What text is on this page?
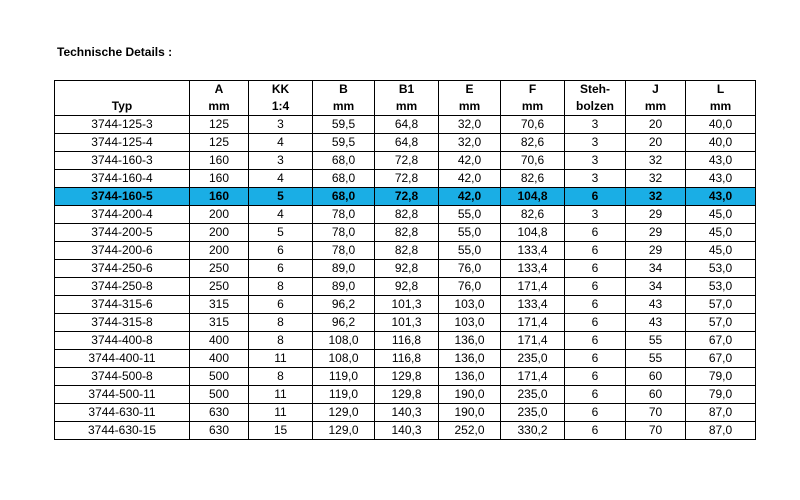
Technische Details :
	A	KK	B	B1	E	F	Steh-	J	L	
Typ	mm	1:4	mm	mm	mm	mm	bolzen	mm	mm	
3744-125-3	125	3	59,5	64,8	32,0	70,6	3	20	40,0	
3744-125-4	125	4	59,5	64,8	32,0	82,6	3	20	40,0	
3744-160-3	160	3	68,0	72,8	42,0	70,6	3	32	43,0	
3744-160-4	160	4	68,0	72,8	42,0	82,6	3	32	43,0	
3744-160-5	160	5	68,0	72,8	42,0	104,8	6	32	43,0	
3744-200-4	200	4	78,0	82,8	55,0	82,6	3	29	45,0	
3744-200-5	200	5	78,0	82,8	55,0	104,8	6	29	45,0	
3744-200-6	200	6	78,0	82,8	55,0	133,4	6	29	45,0	
3744-250-6	250	6	89,0	92,8	76,0	133,4	6	34	53,0	
3744-250-8	250	8	89,0	92,8	76,0	171,4	6	34	53,0	
3744-315-6	315	6	96,2	101,3	103,0	133,4	6	43	57,0	
3744-315-8	315	8	96,2	101,3	103,0	171,4	6	43	57,0	
3744-400-8	400	8	108,0	116,8	136,0	171,4	6	55	67,0	
3744-400-11	400	11	108,0	116,8	136,0	235,0	6	55	67,0	
3744-500-8	500	8	119,0	129,8	136,0	171,4	6	60	79,0	
3744-500-11	500	11	119,0	129,8	190,0	235,0	6	60	79,0	
3744-630-11	630	11	129,0	140,3	190,0	235,0	6	70	87,0	
3744-630-15	630	15	129,0	140,3	252,0	330,2	6	70	87,0	
